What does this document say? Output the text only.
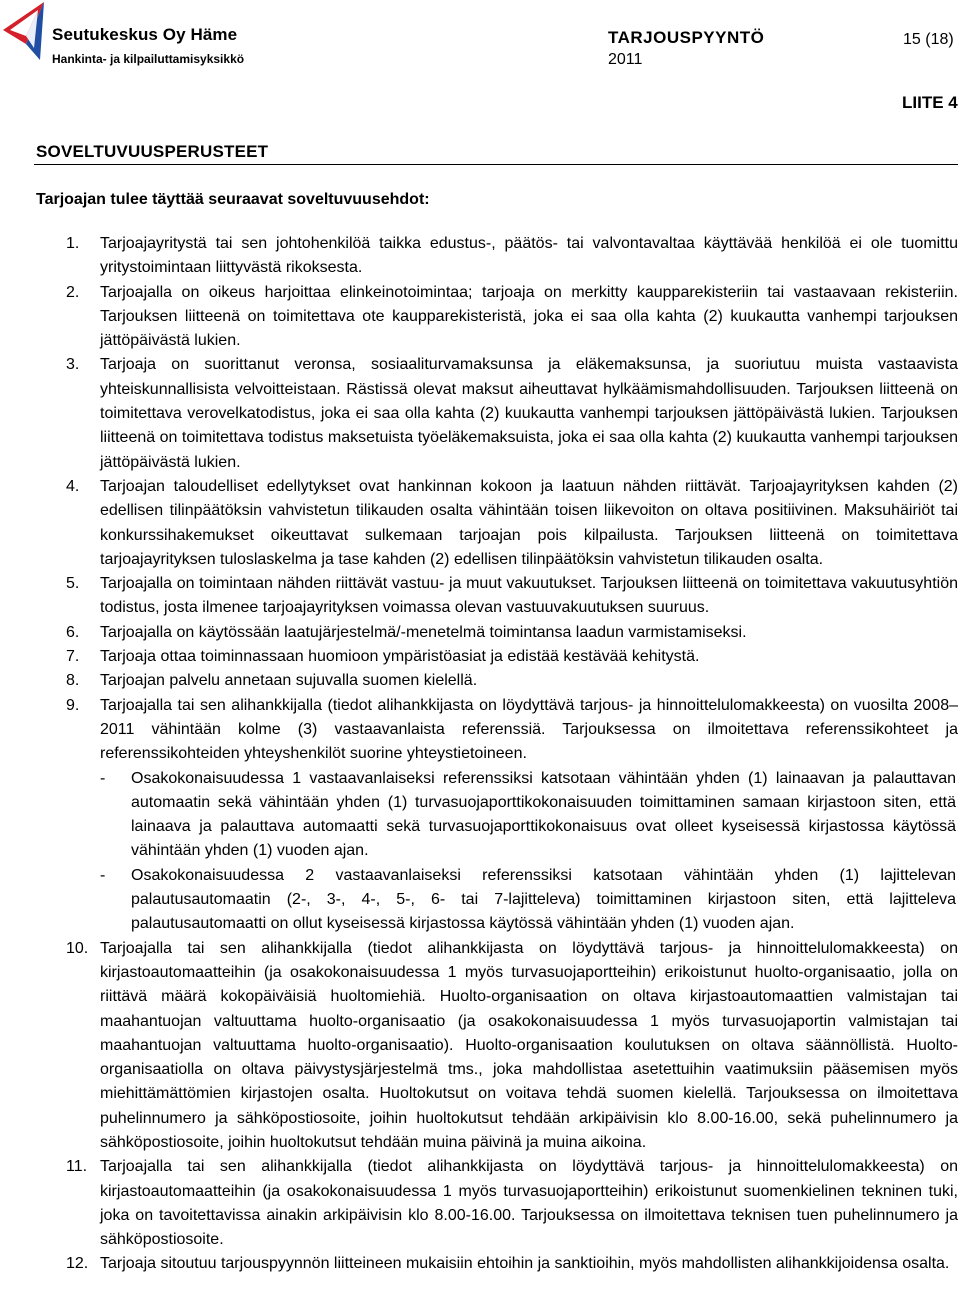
Seutukeskus Oy Häme
Hankinta- ja kilpailuttamisyksikkö
TARJOUSPYYNTÖ
2011
15 (18)
LIITE 4
SOVELTUVUUSPERUSTEET
Tarjoajan tulee täyttää seuraavat soveltuvuusehdot:
1.	Tarjoajayritystä tai sen johtohenkilöä taikka edustus-, päätös- tai valvontavaltaa käyttävää henkilöä ei ole tuomittu yritystoimintaan liittyvästä rikoksesta.
2.	Tarjoajalla on oikeus harjoittaa elinkeinotoimintaa; tarjoaja on merkitty kaupparekisteriin tai vastaavaan rekisteriin. Tarjouksen liitteenä on toimitettava ote kaupparekisteristä, joka ei saa olla kahta (2) kuukautta vanhempi tarjouksen jättöpäivästä lukien.
3.	Tarjoaja on suorittanut veronsa, sosiaaliturvamaksunsa ja eläkemaksunsa, ja suoriutuu muista vastaavista yhteiskunnallisista velvoitteistaan. Rästissä olevat maksut aiheuttavat hylkäämismahdollisuuden. Tarjouksen liitteenä on toimitettava verovelkatodistus, joka ei saa olla kahta (2) kuukautta vanhempi tarjouksen jättöpäivästä lukien. Tarjouksen liitteenä on toimitettava todistus maksetuista työeläkemaksuista, joka ei saa olla kahta (2) kuukautta vanhempi tarjouksen jättöpäivästä lukien.
4.	Tarjoajan taloudelliset edellytykset ovat hankinnan kokoon ja laatuun nähden riittävät. Tarjoajayrityksen kahden (2) edellisen tilinpäätöksin vahvistetun tilikauden osalta vähintään toisen liikevoiton on oltava positiivinen. Maksuhäiriöt tai konkurssihakemukset oikeuttavat sulkemaan tarjoajan pois kilpailusta. Tarjouksen liitteenä on toimitettava tarjoajayrityksen tuloslaskelma ja tase kahden (2) edellisen tilinpäätöksin vahvistetun tilikauden osalta.
5.	Tarjoajalla on toimintaan nähden riittävät vastuu- ja muut vakuutukset. Tarjouksen liitteenä on toimitettava vakuutusyhtiön todistus, josta ilmenee tarjoajayrityksen voimassa olevan vastuuvakuutuksen suuruus.
6.	Tarjoajalla on käytössään laatujärjestelmä/-menetelmä toimintansa laadun varmistamiseksi.
7.	Tarjoaja ottaa toiminnassaan huomioon ympäristöasiat ja edistää kestävää kehitystä.
8.	Tarjoajan palvelu annetaan sujuvalla suomen kielellä.
9.	Tarjoajalla tai sen alihankkijalla (tiedot alihankkijasta on löydyttävä tarjous- ja hinnoittelulomakkeesta) on vuosilta 2008–2011 vähintään kolme (3) vastaavanlaista referenssiä. Tarjouksessa on ilmoitettava referenssikohteet ja referenssikohteiden yhteyshenkilöt suorine yhteystietoineen.
- Osakokonaisuudessa 1 vastaavanlaiseksi referenssiksi katsotaan vähintään yhden (1) lainaavan ja palauttavan automaatin sekä vähintään yhden (1) turvasuojaporttikokonaisuuden toimittaminen samaan kirjastoon siten, että lainaava ja palauttava automaatti sekä turvasuojaporttikokonaisuus ovat olleet kyseisessä kirjastossa käytössä vähintään yhden (1) vuoden ajan.
- Osakokonaisuudessa 2 vastaavanlaiseksi referenssiksi katsotaan vähintään yhden (1) lajittelevan palautusautomaatin (2-, 3-, 4-, 5-, 6- tai 7-lajitteleva) toimittaminen kirjastoon siten, että lajitteleva palautusautomaatti on ollut kyseisessä kirjastossa käytössä vähintään yhden (1) vuoden ajan.
10. Tarjoajalla tai sen alihankkijalla (tiedot alihankkijasta on löydyttävä tarjous- ja hinnoittelulomakkeesta) on kirjastoautomaatteihin (ja osakokonaisuudessa 1 myös turvasuojaportteihin) erikoistunut huolto-organisaatio, jolla on riittävä määrä kokopäiväisiä huoltomiehiä. Huolto-organisaation on oltava kirjastoautomaattien valmistajan tai maahantuojan valtuuttama huolto-organisaatio (ja osakokonaisuudessa 1 myös turvasuojaportin valmistajan tai maahantuojan valtuuttama huolto-organisaatio). Huolto-organisaation koulutuksen on oltava säännöllistä. Huolto-organisaatiolla on oltava päivystysjärjestelmä tms., joka mahdollistaa asetettuihin vaatimuksiin pääsemisen myös miehittämättömien kirjastojen osalta. Huoltokutsut on voitava tehdä suomen kielellä. Tarjouksessa on ilmoitettava puhelinnumero ja sähköpostiosoite, joihin huoltokutsut tehdään arkipäivisin klo 8.00-16.00, sekä puhelinnumero ja sähköpostiosoite, joihin huoltokutsut tehdään muina päivinä ja muina aikoina.
11. Tarjoajalla tai sen alihankkijalla (tiedot alihankkijasta on löydyttävä tarjous- ja hinnoittelulomakkeesta) on kirjastoautomaatteihin (ja osakokonaisuudessa 1 myös turvasuojaportteihin) erikoistunut suomenkielinen tekninen tuki, joka on tavoitettavissa ainakin arkipäivisin klo 8.00-16.00. Tarjouksessa on ilmoitettava teknisen tuen puhelinnumero ja sähköpostiosoite.
12. Tarjoaja sitoutuu tarjouspyynnön liitteineen mukaisiin ehtoihin ja sanktioihin, myös mahdollisten alihankkijoidensa osalta.
